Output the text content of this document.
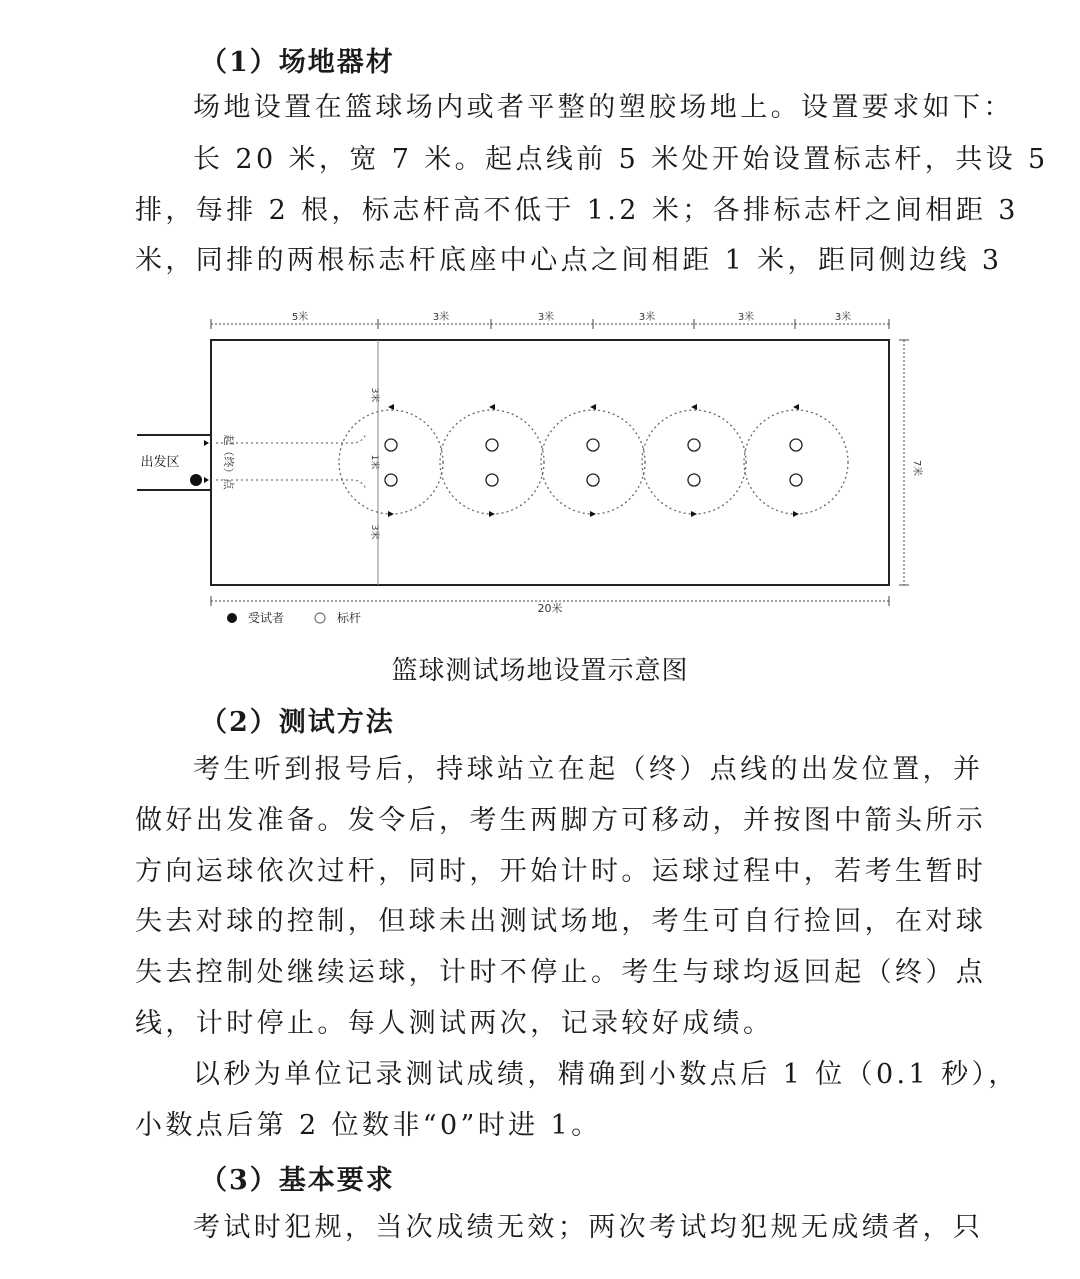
（1）场地器材
场地设置在篮球场内或者平整的塑胶场地上。设置要求如下：
长 20 米，宽 7 米。起点线前 5 米处开始设置标志杆，共设 5
排，每排 2 根，标志杆高不低于 1.2 米；各排标志杆之间相距 3
米，同排的两根标志杆底座中心点之间相距 1 米，距同侧边线 3
5米	3米	3米	3米	3米	3米
7米
20米
出发区	起（终）点
3米
1米
3米
受试者	标杆
篮球测试场地设置示意图
（2）测试方法
考生听到报号后，持球站立在起（终）点线的出发位置，并
做好出发准备。发令后，考生两脚方可移动，并按图中箭头所示
方向运球依次过杆，同时，开始计时。运球过程中，若考生暂时
失去对球的控制，但球未出测试场地，考生可自行捡回，在对球
失去控制处继续运球，计时不停止。考生与球均返回起（终）点
线，计时停止。每人测试两次，记录较好成绩。
以秒为单位记录测试成绩，精确到小数点后 1 位（0.1 秒），
小数点后第 2 位数非“0”时进 1。
（3）基本要求
考试时犯规，当次成绩无效；两次考试均犯规无成绩者，只
